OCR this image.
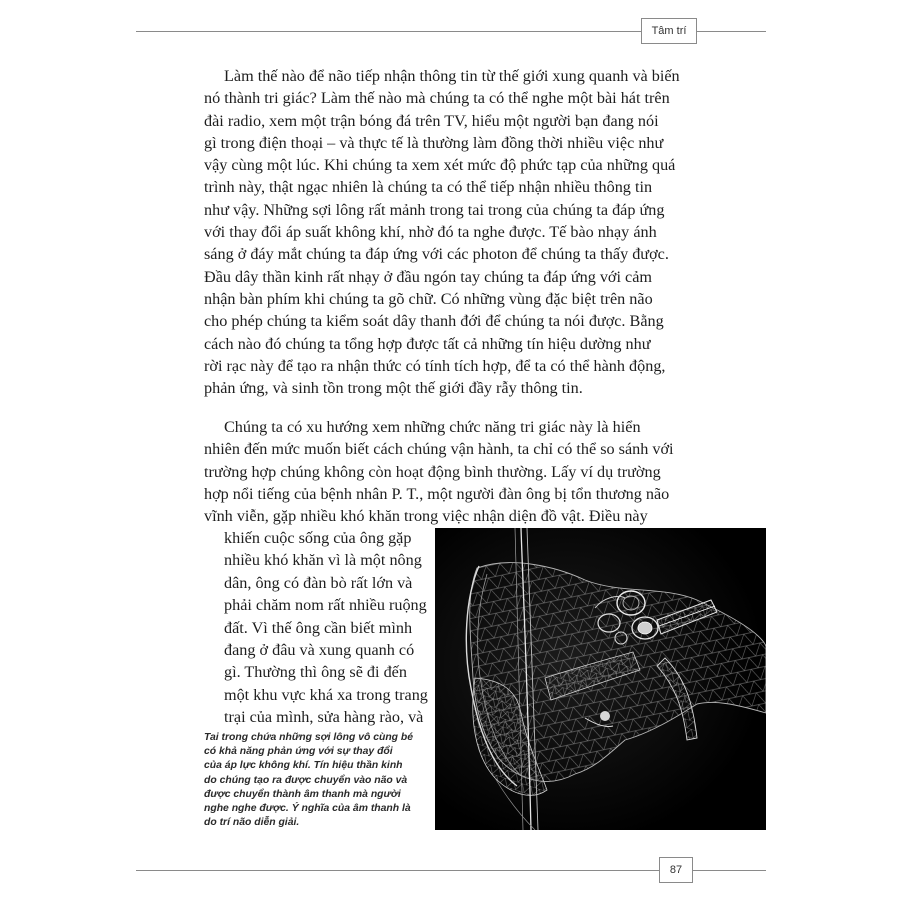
Tâm trí

Làm thế nào để não tiếp nhận thông tin từ thế giới xung quanh và biến
nó thành tri giác? Làm thế nào mà chúng ta có thể nghe một bài hát trên
đài radio, xem một trận bóng đá trên TV, hiểu một người bạn đang nói
gì trong điện thoại – và thực tế là thường làm đồng thời nhiều việc như
vậy cùng một lúc. Khi chúng ta xem xét mức độ phức tạp của những quá
trình này, thật ngạc nhiên là chúng ta có thể tiếp nhận nhiều thông tin
như vậy. Những sợi lông rất mảnh trong tai trong của chúng ta đáp ứng
với thay đổi áp suất không khí, nhờ đó ta nghe được. Tế bào nhạy ánh
sáng ở đáy mắt chúng ta đáp ứng với các photon để chúng ta thấy được.
Đầu dây thần kinh rất nhạy ở đầu ngón tay chúng ta đáp ứng với cảm
nhận bàn phím khi chúng ta gõ chữ. Có những vùng đặc biệt trên não
cho phép chúng ta kiểm soát dây thanh đới để chúng ta nói được. Bằng
cách nào đó chúng ta tổng hợp được tất cả những tín hiệu dường như
rời rạc này để tạo ra nhận thức có tính tích hợp, để ta có thể hành động,
phản ứng, và sinh tồn trong một thế giới đầy rẫy thông tin.

Chúng ta có xu hướng xem những chức năng tri giác này là hiển
nhiên đến mức muốn biết cách chúng vận hành, ta chỉ có thể so sánh với
trường hợp chúng không còn hoạt động bình thường. Lấy ví dụ trường
hợp nổi tiếng của bệnh nhân P. T., một người đàn ông bị tổn thương não
vĩnh viễn, gặp nhiều khó khăn trong việc nhận diện đồ vật. Điều này

khiến cuộc sống của ông gặp
nhiều khó khăn vì là một nông
dân, ông có đàn bò rất lớn và
phải chăm nom rất nhiều ruộng
đất. Vì thế ông cần biết mình
đang ở đâu và xung quanh có
gì. Thường thì ông sẽ đi đến
một khu vực khá xa trong trang
trại của mình, sửa hàng rào, và

Tai trong chứa những sợi lông vô cùng bé
có khả năng phản ứng với sự thay đổi
của áp lực không khí. Tín hiệu thần kinh
do chúng tạo ra được chuyển vào não và
được chuyển thành âm thanh mà người
nghe nghe được. Ý nghĩa của âm thanh là
do trí não diễn giải.

87
